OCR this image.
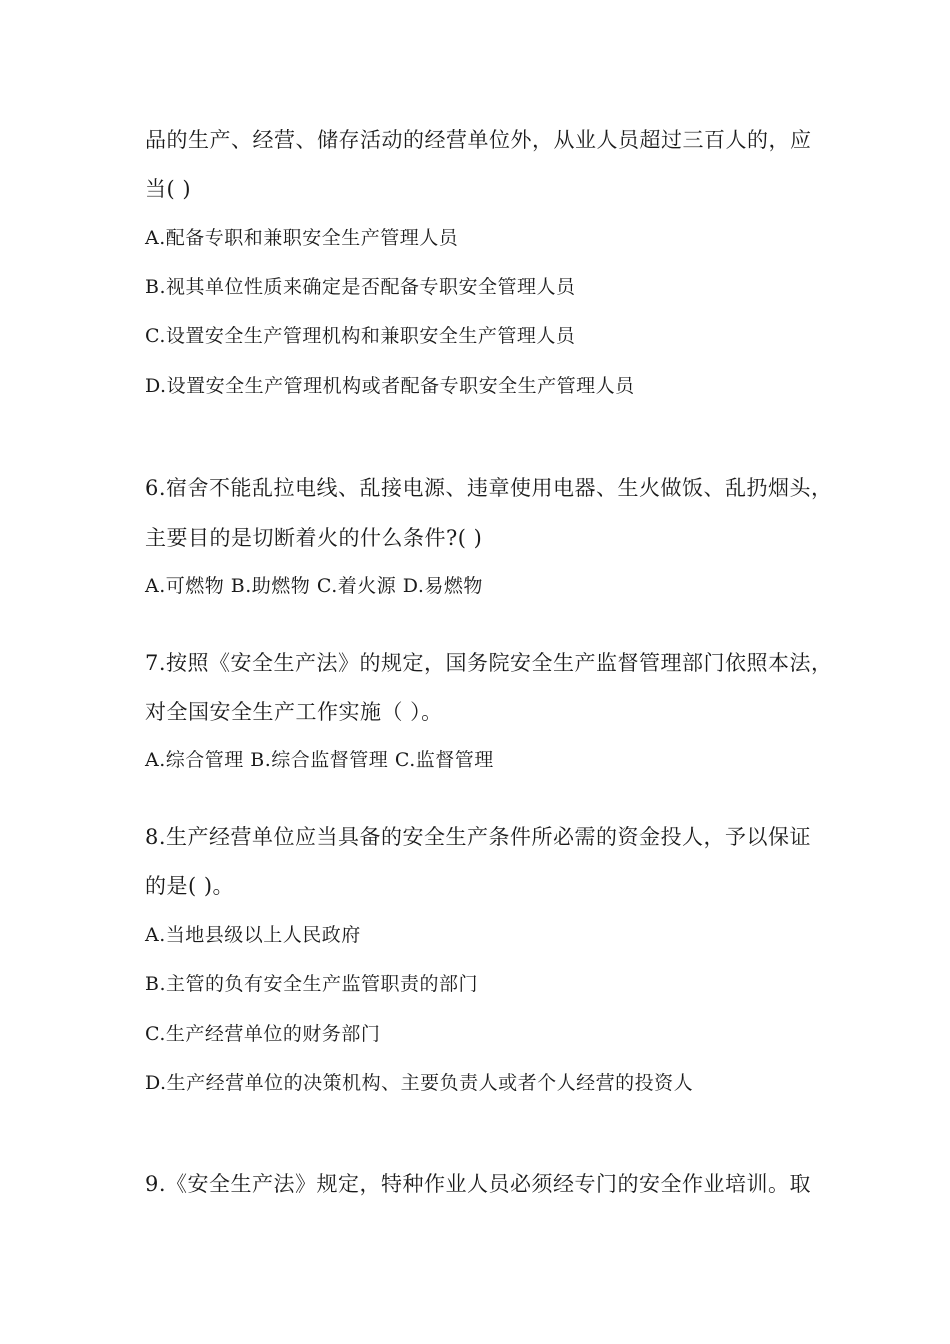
品的生产、经营、储存活动的经营单位外，从业人员超过三百人的，应
当( )
A.配备专职和兼职安全生产管理人员
B.视其单位性质来确定是否配备专职安全管理人员
C.设置安全生产管理机构和兼职安全生产管理人员
D.设置安全生产管理机构或者配备专职安全生产管理人员
6.宿舍不能乱拉电线、乱接电源、违章使用电器、生火做饭、乱扔烟头，
主要目的是切断着火的什么条件?( )
A.可燃物 B.助燃物 C.着火源 D.易燃物
7.按照《安全生产法》的规定，国务院安全生产监督管理部门依照本法，
对全国安全生产工作实施（ ）。
A.综合管理 B.综合监督管理 C.监督管理
8.生产经营单位应当具备的安全生产条件所必需的资金投人，予以保证
的是( )。
A.当地县级以上人民政府
B.主管的负有安全生产监管职责的部门
C.生产经营单位的财务部门
D.生产经营单位的决策机构、主要负责人或者个人经营的投资人
9.《安全生产法》规定，特种作业人员必须经专门的安全作业培训。取
